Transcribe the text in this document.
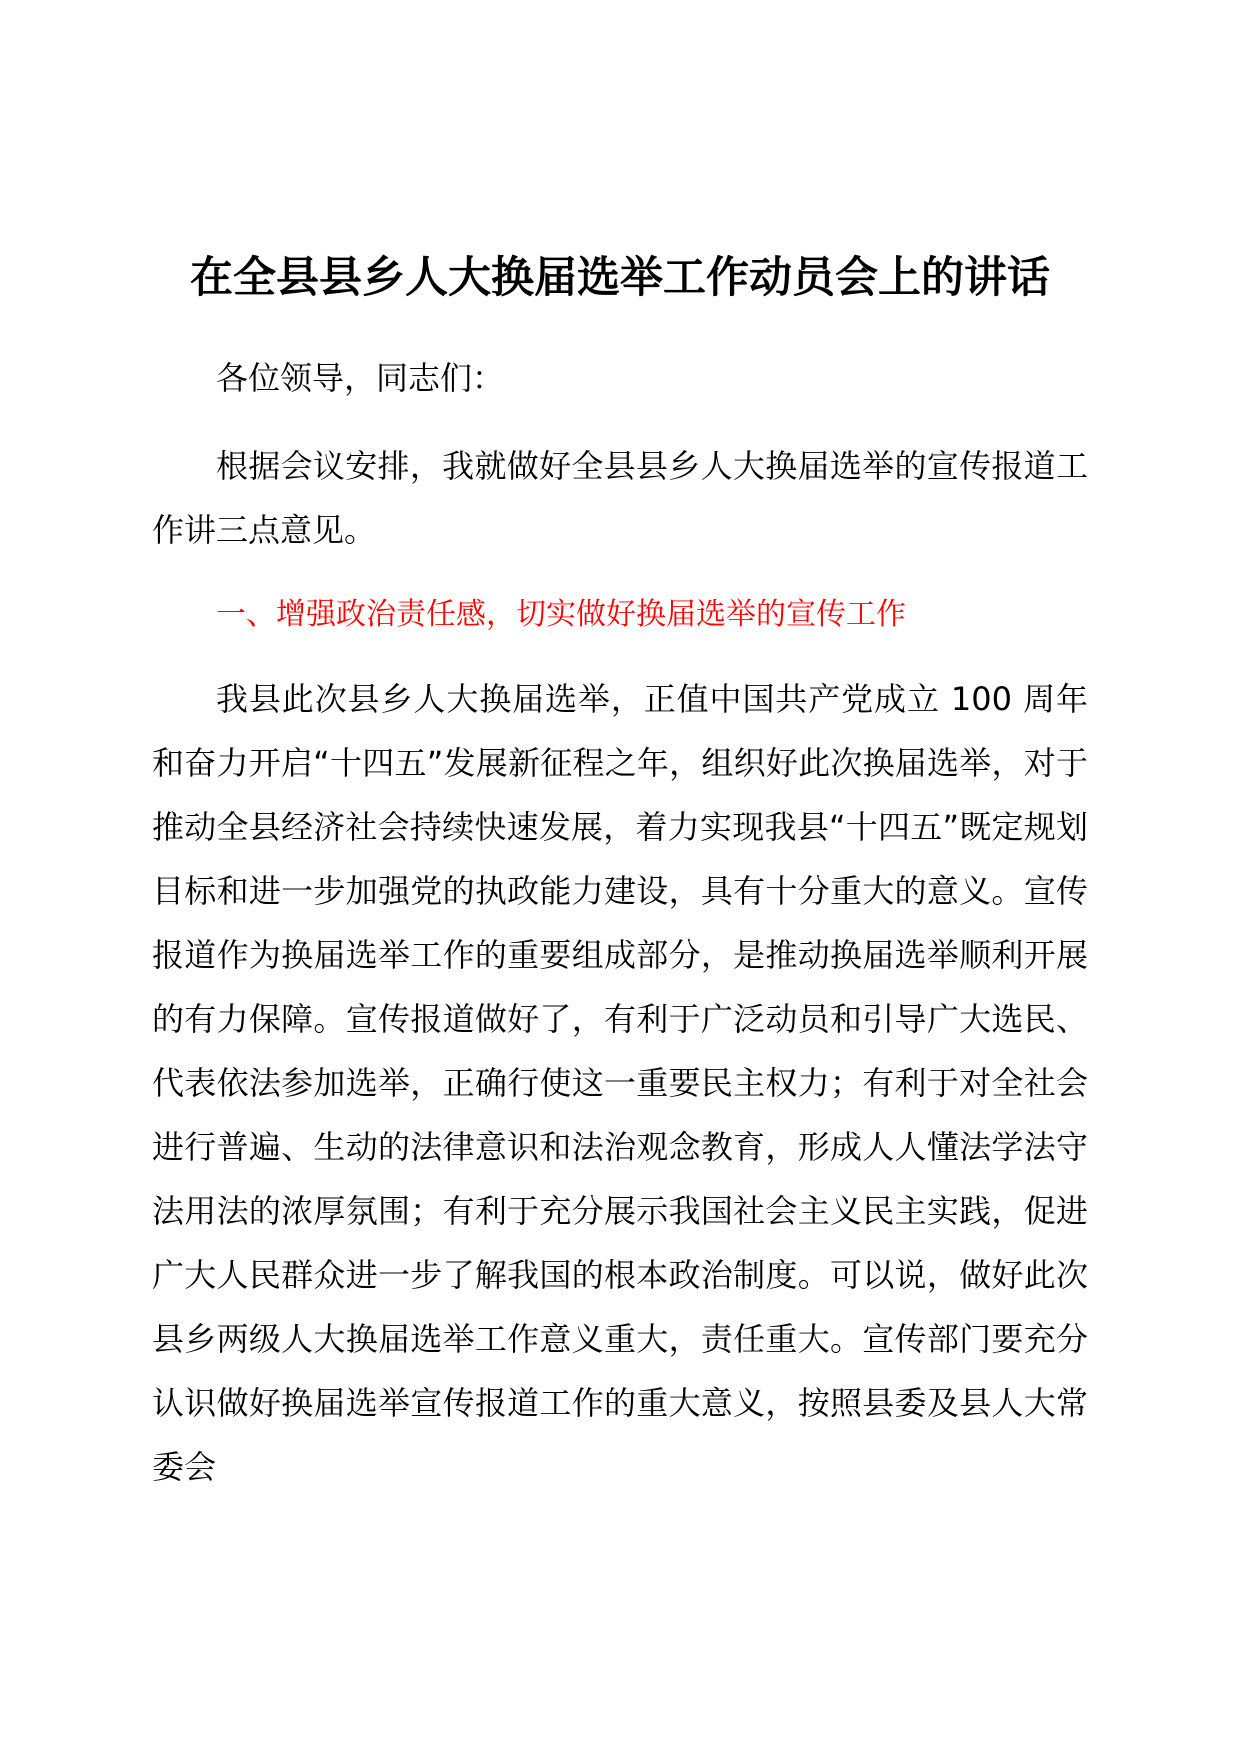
在全县县乡人大换届选举工作动员会上的讲话

各位领导，同志们：

根据会议安排，我就做好全县县乡人大换届选举的宣传报道工作讲三点意见。

一、增强政治责任感，切实做好换届选举的宣传工作

我县此次县乡人大换届选举，正值中国共产党成立 100 周年和奋力开启“十四五”发展新征程之年，组织好此次换届选举，对于推动全县经济社会持续快速发展，着力实现我县“十四五”既定规划目标和进一步加强党的执政能力建设，具有十分重大的意义。宣传报道作为换届选举工作的重要组成部分，是推动换届选举顺利开展的有力保障。宣传报道做好了，有利于广泛动员和引导广大选民、代表依法参加选举，正确行使这一重要民主权力；有利于对全社会进行普遍、生动的法律意识和法治观念教育，形成人人懂法学法守法用法的浓厚氛围；有利于充分展示我国社会主义民主实践，促进广大人民群众进一步了解我国的根本政治制度。可以说，做好此次县乡两级人大换届选举工作意义重大，责任重大。宣传部门要充分认识做好换届选举宣传报道工作的重大意义，按照县委及县人大常委会
